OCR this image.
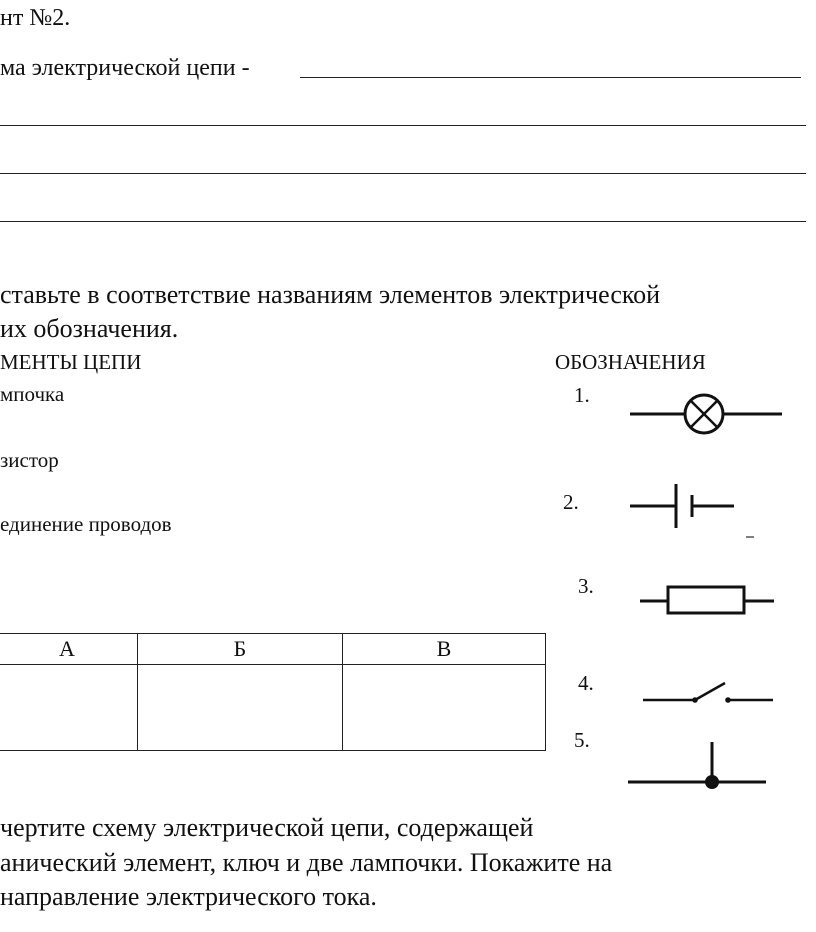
нт №2.
ма электрической цепи -
ставьте в соответствие названиям элементов электрической
их обозначения.
МЕНТЫ ЦЕПИ	ОБОЗНАЧЕНИЯ
мпочка
зистор
единение проводов
1.
2.
3.
4.
5.
А	Б	В

чертите схему электрической цепи, содержащей
анический элемент, ключ и две лампочки. Покажите на
направление электрического тока.
